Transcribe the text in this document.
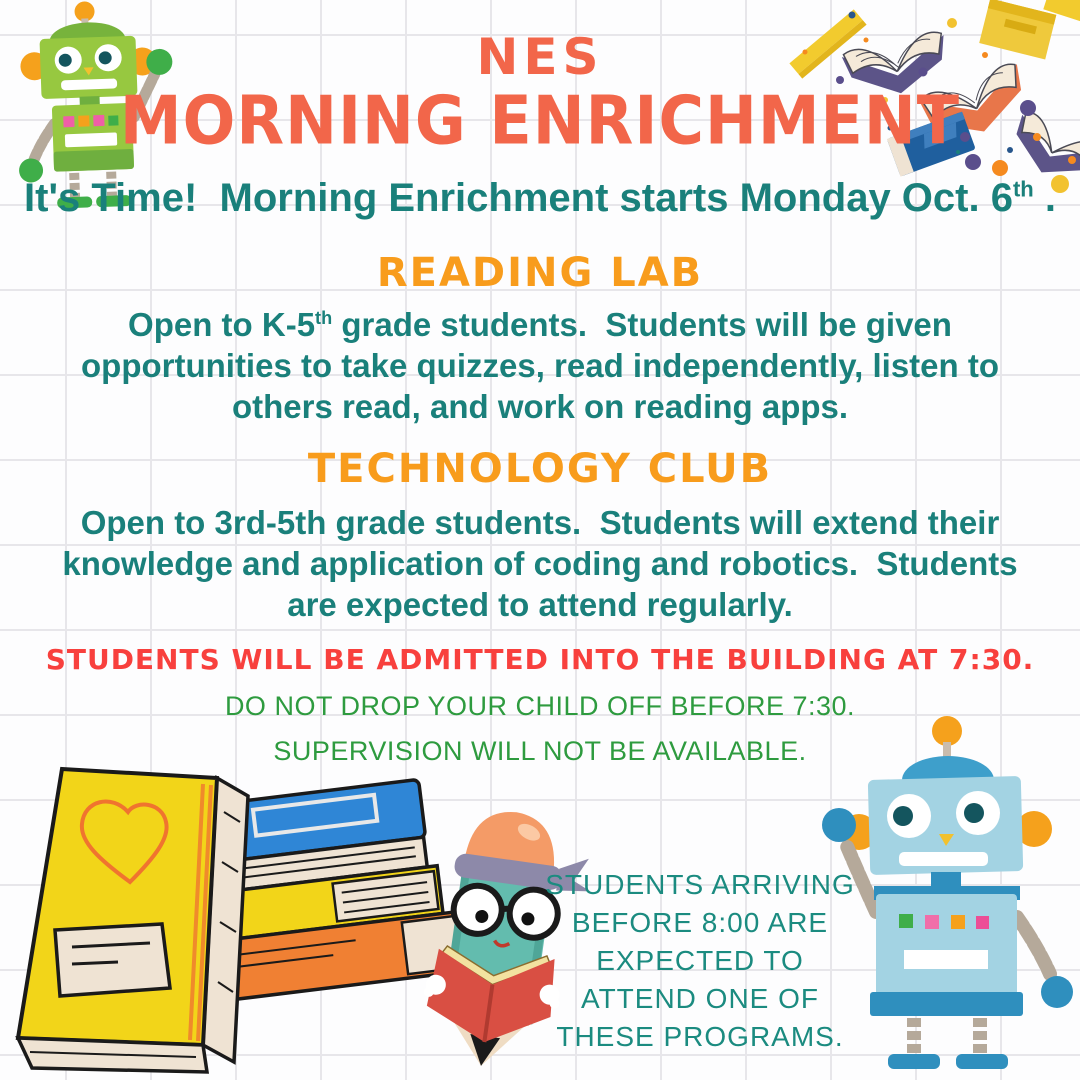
NES
MORNING ENRICHMENT
It's Time!  Morning Enrichment starts Monday Oct. 6th .
READING LAB
Open to K-5th grade students.  Students will be given opportunities to take quizzes, read independently, listen to others read, and work on reading apps.
TECHNOLOGY CLUB
Open to 3rd-5th grade students.  Students will extend their knowledge and application of coding and robotics.  Students are expected to attend regularly.
STUDENTS WILL BE ADMITTED INTO THE BUILDING AT 7:30.
DO NOT DROP YOUR CHILD OFF BEFORE 7:30.
SUPERVISION WILL NOT BE AVAILABLE.
STUDENTS ARRIVING
BEFORE 8:00 ARE
EXPECTED TO
ATTEND ONE OF
THESE PROGRAMS.
